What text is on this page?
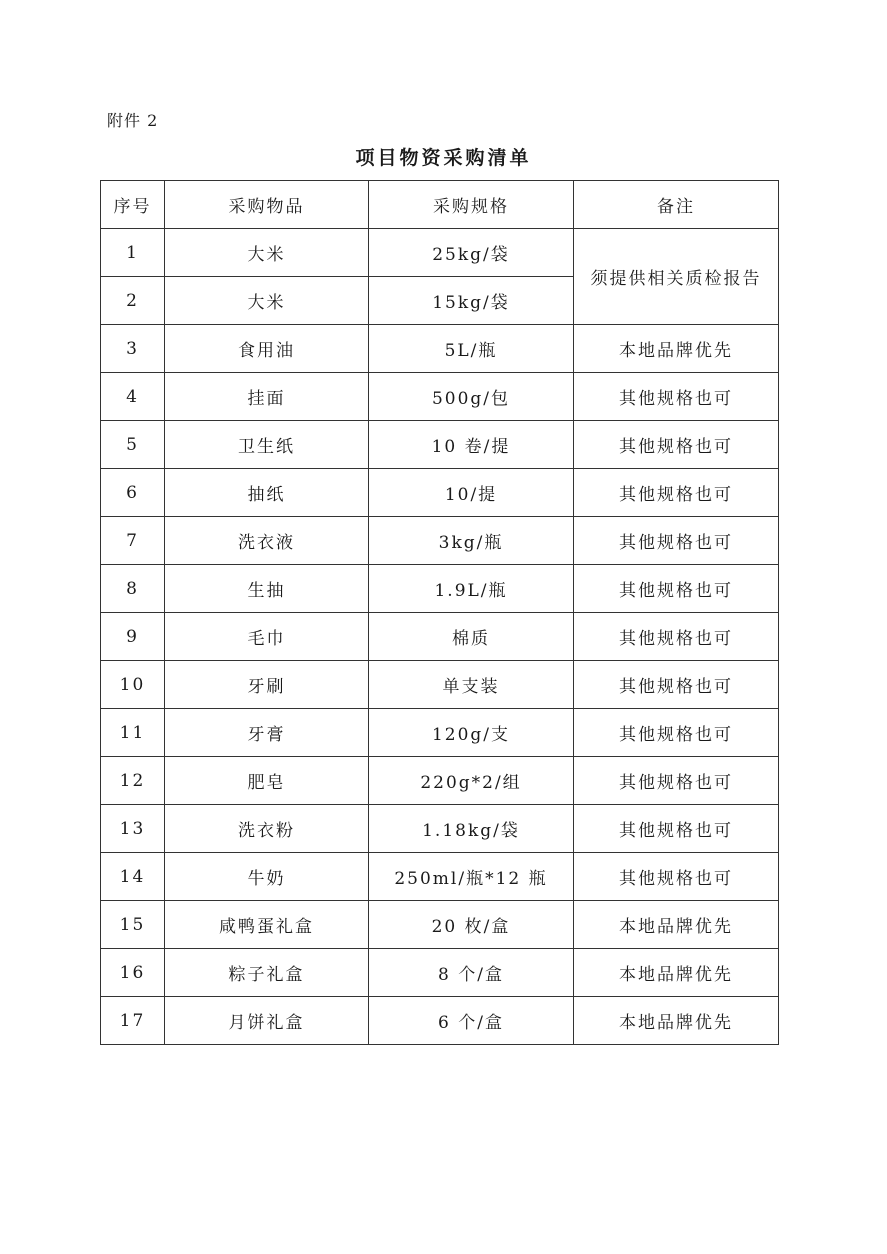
附件 2
项目物资采购清单
序号	采购物品	采购规格	备注
1	大米	25kg/袋	须提供相关质检报告
2	大米	15kg/袋	
3	食用油	5L/瓶	本地品牌优先
4	挂面	500g/包	其他规格也可
5	卫生纸	10 卷/提	其他规格也可
6	抽纸	10/提	其他规格也可
7	洗衣液	3kg/瓶	其他规格也可
8	生抽	1.9L/瓶	其他规格也可
9	毛巾	棉质	其他规格也可
10	牙刷	单支装	其他规格也可
11	牙膏	120g/支	其他规格也可
12	肥皂	220g*2/组	其他规格也可
13	洗衣粉	1.18kg/袋	其他规格也可
14	牛奶	250ml/瓶*12 瓶	其他规格也可
15	咸鸭蛋礼盒	20 枚/盒	本地品牌优先
16	粽子礼盒	8 个/盒	本地品牌优先
17	月饼礼盒	6 个/盒	本地品牌优先
